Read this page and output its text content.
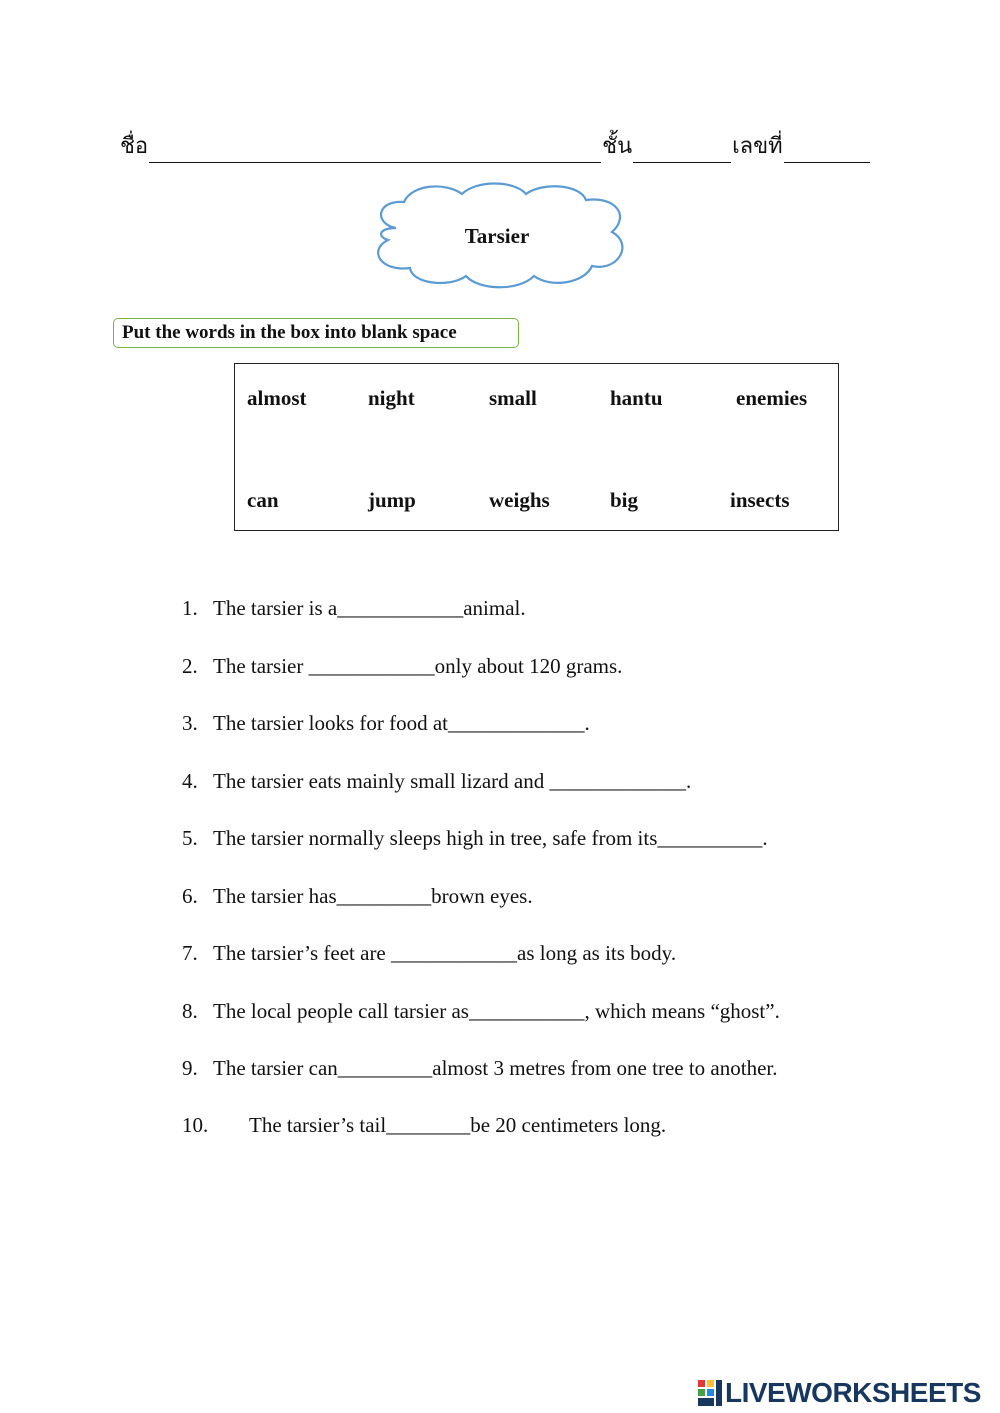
ชื่อ	ชั้น	เลขที่
Tarsier
Put the words in the box into blank space
almost	night	small	hantu	enemies
can	jump	weighs	big	insects
1. The tarsier is a____________animal.
2. The tarsier ____________only about 120 grams.
3. The tarsier looks for food at_____________.
4. The tarsier eats mainly small lizard and _____________.
5. The tarsier normally sleeps high in tree, safe from its__________.
6. The tarsier has_________brown eyes.
7. The tarsier’s feet are ____________as long as its body.
8. The local people call tarsier as___________, which means “ghost”.
9. The tarsier can_________almost 3 metres from one tree to another.
10. The tarsier’s tail________be 20 centimeters long.
LIVEWORKSHEETS
